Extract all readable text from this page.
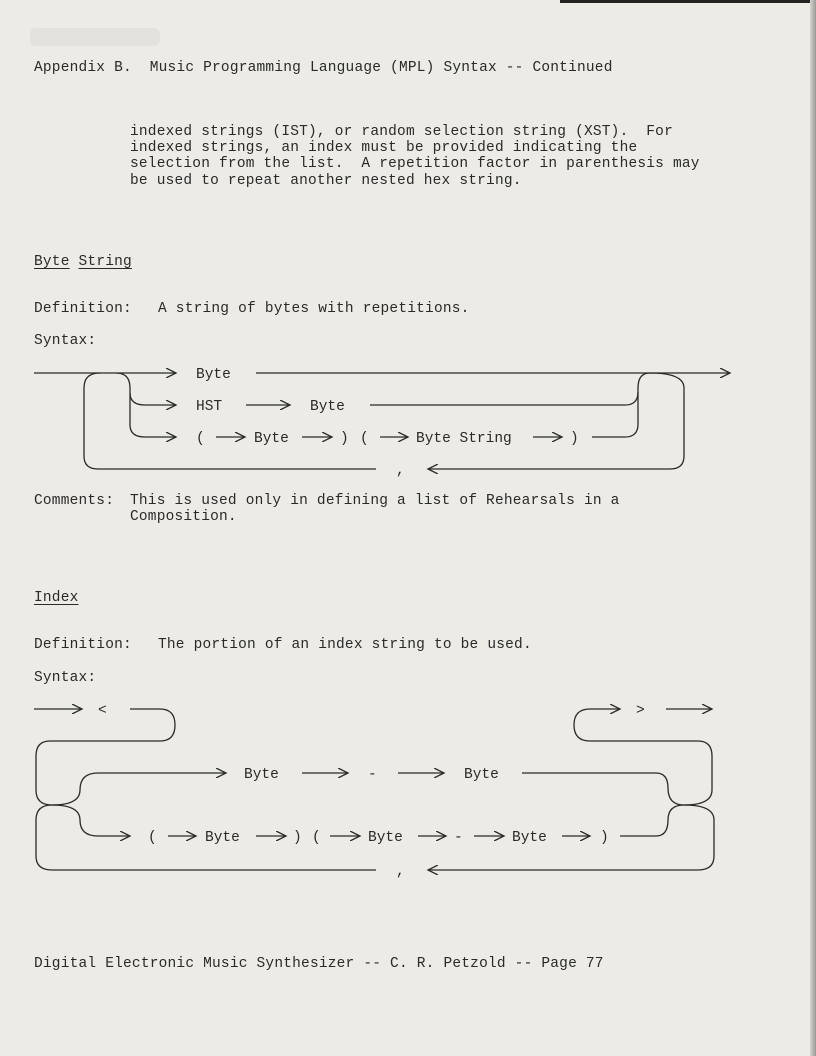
Appendix B.  Music Programming Language (MPL) Syntax -- Continued
indexed strings (IST), or random selection string (XST).  For
indexed strings, an index must be provided indicating the
selection from the list.  A repetition factor in parenthesis may
be used to repeat another nested hex string.
Byte String
Definition: A string of bytes with repetitions.
Syntax:
Byte
HST	Byte
(	Byte	) (	Byte String	)
,
<
Byte	-	Byte
(	Byte	) (	Byte	-	Byte	)
>
,
Comments: This is used only in defining a list of Rehearsals in a
Composition.
Index
Definition: The portion of an index string to be used.
Syntax:
Digital Electronic Music Synthesizer -- C. R. Petzold -- Page 77
